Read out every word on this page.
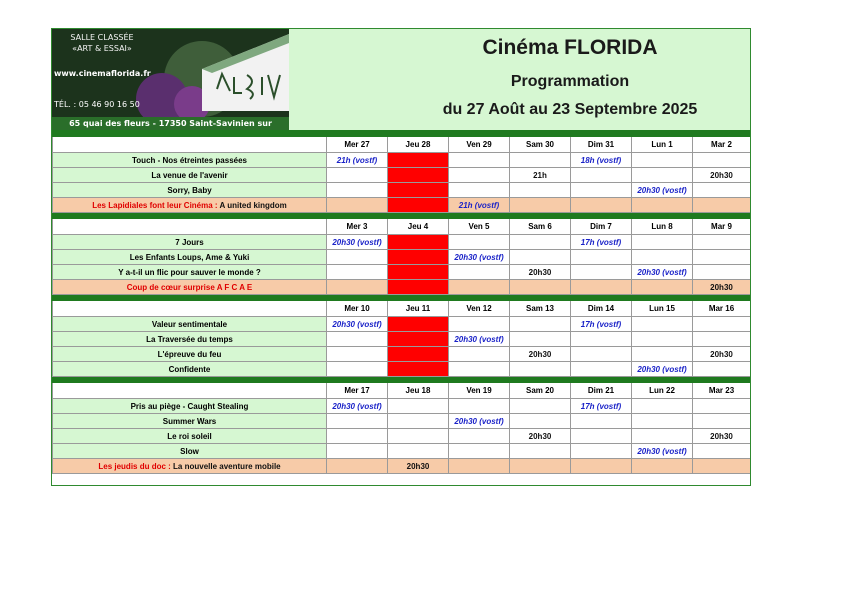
SALLE CLASSÉE
«ART & ESSAI»
www.cinemaflorida.fr
TÉL. : 05 46 90 16 50
65 quai des fleurs - 17350 Saint-Savinien sur
Cinéma FLORIDA
Programmation
du 27 Août au 23 Septembre 2025

	Mer 27	Jeu 28	Ven 29	Sam 30	Dim 31	Lun 1	Mar 2
Touch - Nos étreintes passées	21h (vostf)				18h (vostf)		
La venue de l'avenir				21h			20h30
Sorry, Baby						20h30 (vostf)	
Les Lapidiales font leur Cinéma : A united kingdom			21h (vostf)				

	Mer 3	Jeu 4	Ven 5	Sam 6	Dim 7	Lun 8	Mar 9
7 Jours	20h30 (vostf)				17h (vostf)		
Les Enfants Loups, Ame & Yuki			20h30 (vostf)				
Y a-t-il un flic pour sauver le monde ?				20h30		20h30 (vostf)	
Coup de cœur surprise A F C A E							20h30

	Mer 10	Jeu 11	Ven 12	Sam 13	Dim 14	Lun 15	Mar 16
Valeur sentimentale	20h30 (vostf)				17h (vostf)		
La Traversée du temps			20h30 (vostf)				
L'épreuve du feu				20h30			20h30
Confidente						20h30 (vostf)	

	Mer 17	Jeu 18	Ven 19	Sam 20	Dim 21	Lun 22	Mar 23
Pris au piège - Caught Stealing	20h30 (vostf)				17h (vostf)		
Summer Wars			20h30 (vostf)				
Le roi soleil				20h30			20h30
Slow						20h30 (vostf)	
Les jeudis du doc : La nouvelle aventure mobile		20h30					
